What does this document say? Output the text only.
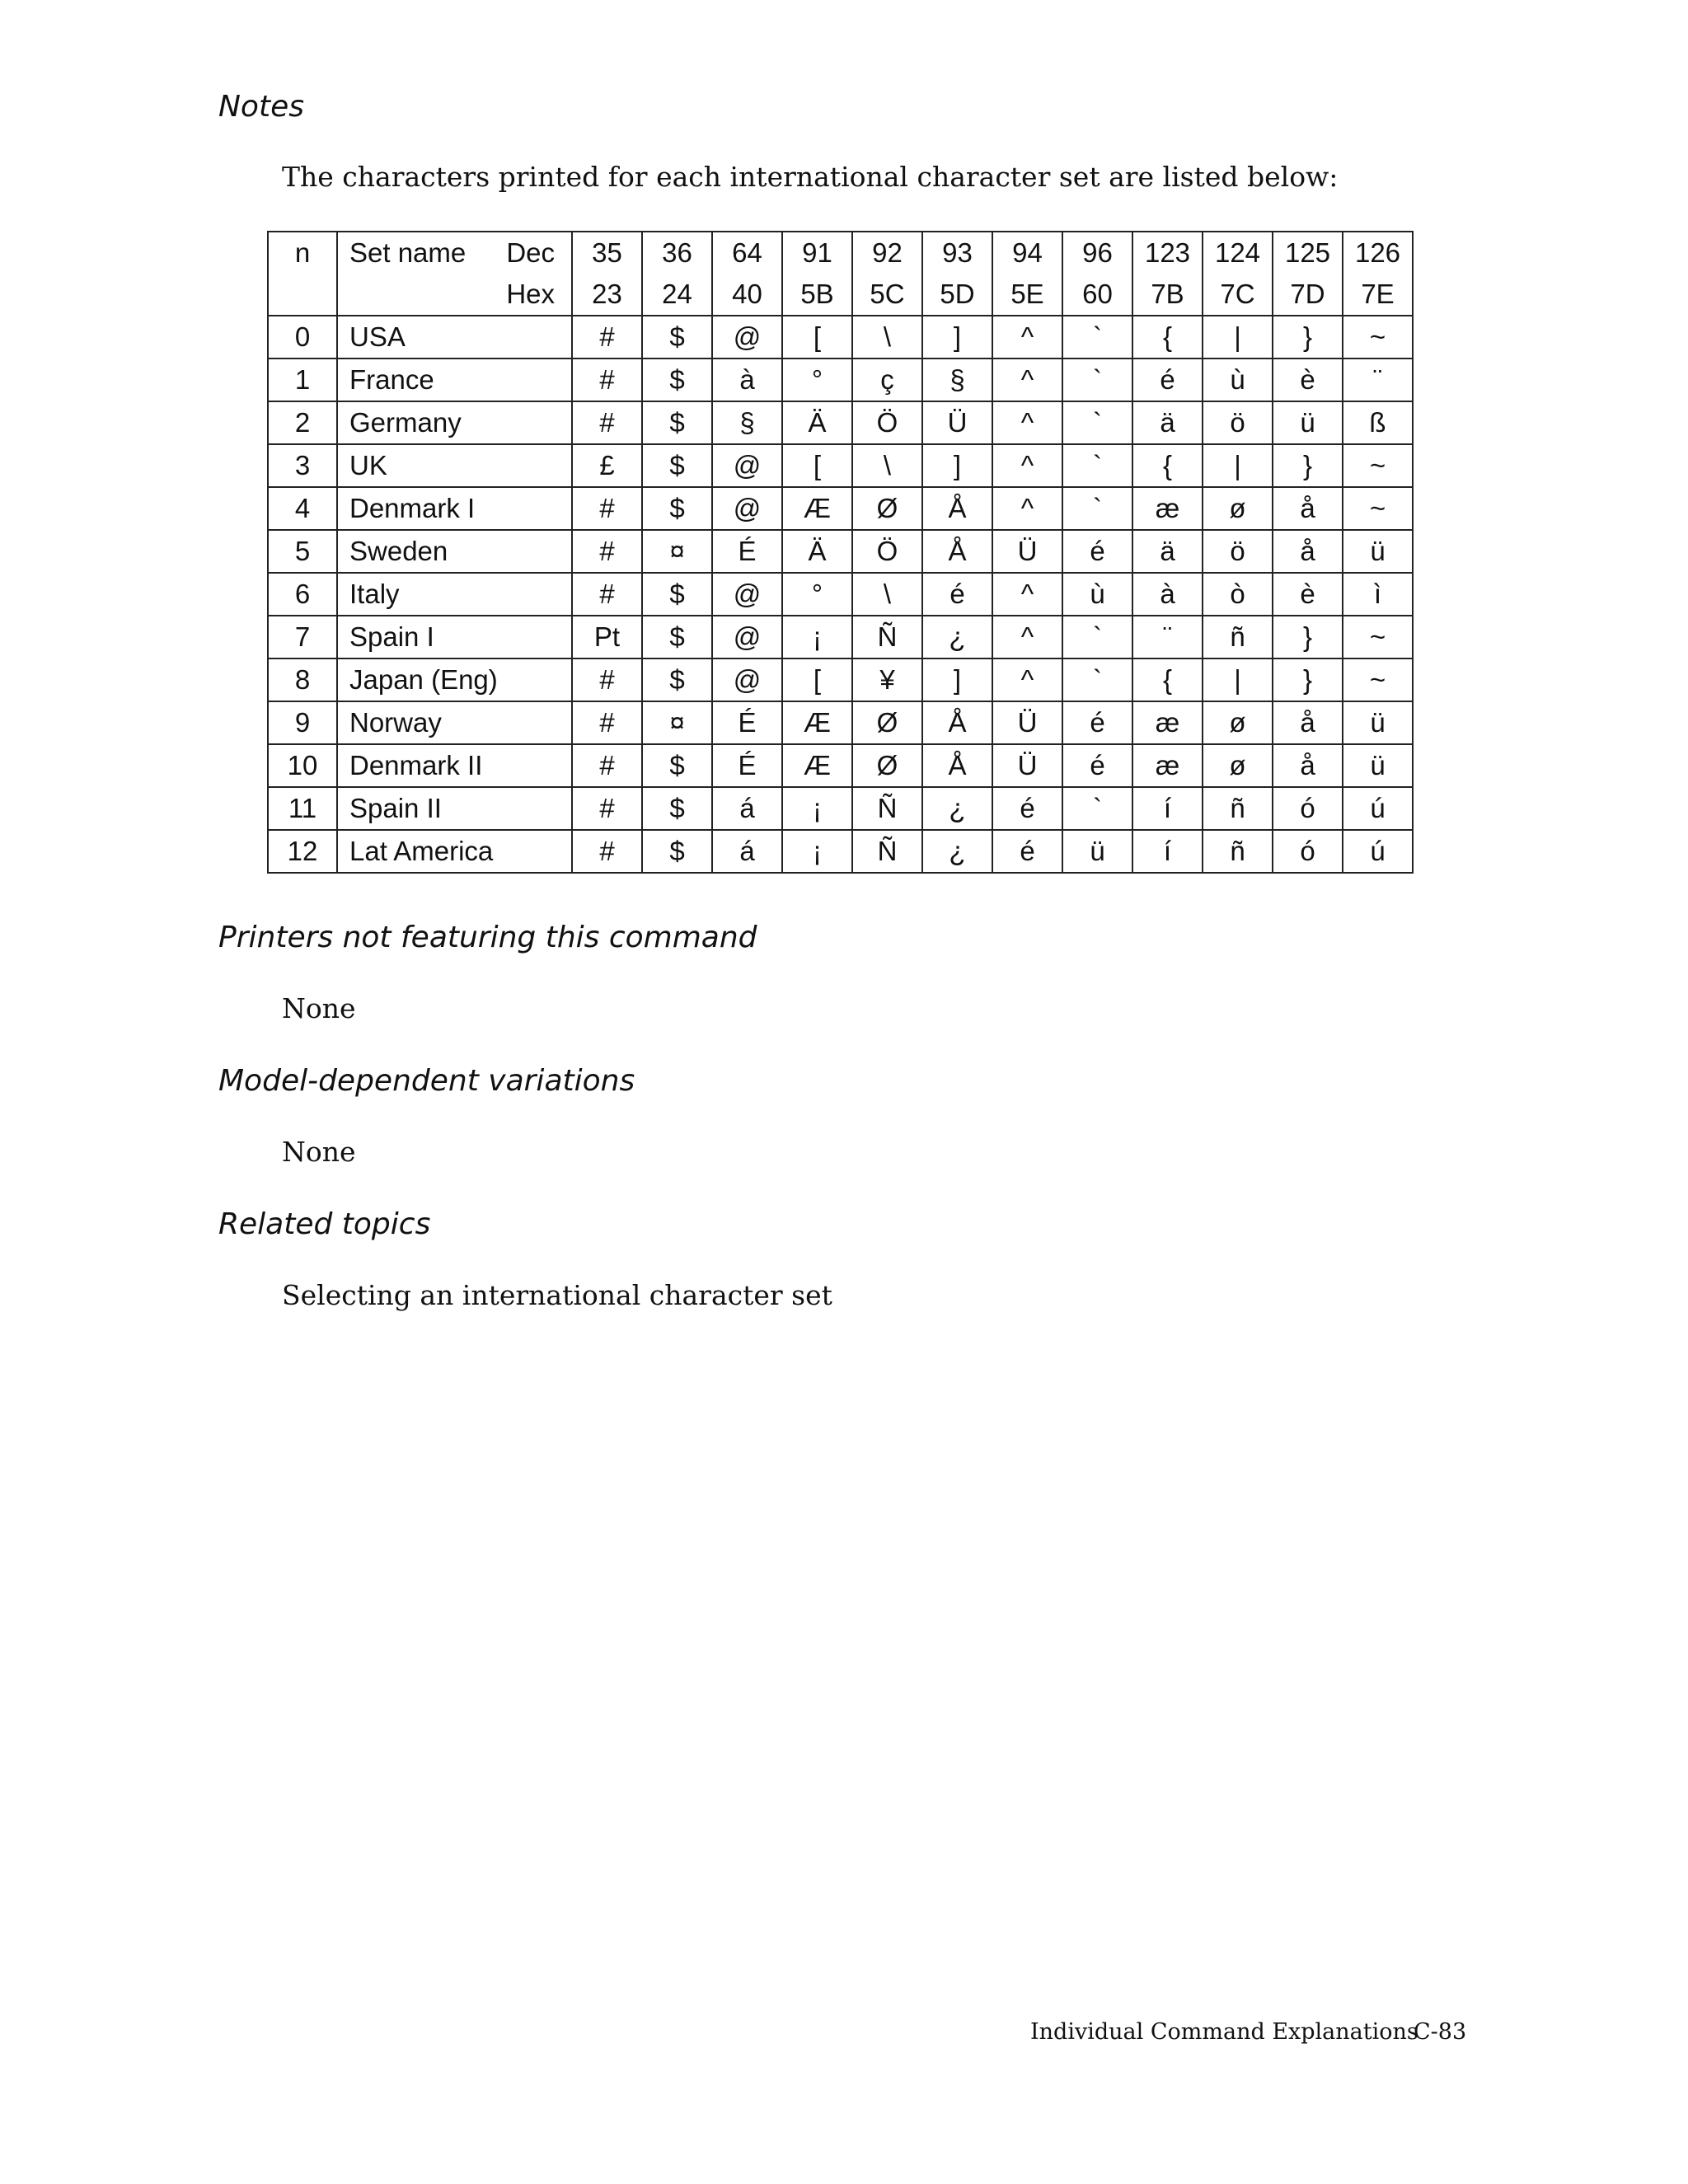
Notes

The characters printed for each international character set are listed below:

n	Set name	Dec	35	36	64	91	92	93	94	96	123	124	125	126
		Hex	23	24	40	5B	5C	5D	5E	60	7B	7C	7D	7E
0	USA		#	$	@	[	\	]	^	`	{	|	}	~
1	France		#	$	à	°	ç	§	^	`	é	ù	è	¨
2	Germany		#	$	§	Ä	Ö	Ü	^	`	ä	ö	ü	ß
3	UK		£	$	@	[	\	]	^	`	{	|	}	~
4	Denmark I		#	$	@	Æ	Ø	Å	^	`	æ	ø	å	~
5	Sweden		#	¤	É	Ä	Ö	Å	Ü	é	ä	ö	å	ü
6	Italy		#	$	@	°	\	é	^	ù	à	ò	è	ì
7	Spain I		Pt	$	@	¡	Ñ	¿	^	`	¨	ñ	}	~
8	Japan (Eng)		#	$	@	[	¥	]	^	`	{	|	}	~
9	Norway		#	¤	É	Æ	Ø	Å	Ü	é	æ	ø	å	ü
10	Denmark II		#	$	É	Æ	Ø	Å	Ü	é	æ	ø	å	ü
11	Spain II		#	$	á	¡	Ñ	¿	é	`	í	ñ	ó	ú
12	Lat America		#	$	á	¡	Ñ	¿	é	ü	í	ñ	ó	ú
Printers not featuring this command

None

Model-dependent variations

None

Related topics

Selecting an international character set

Individual Command Explanations
C-83
